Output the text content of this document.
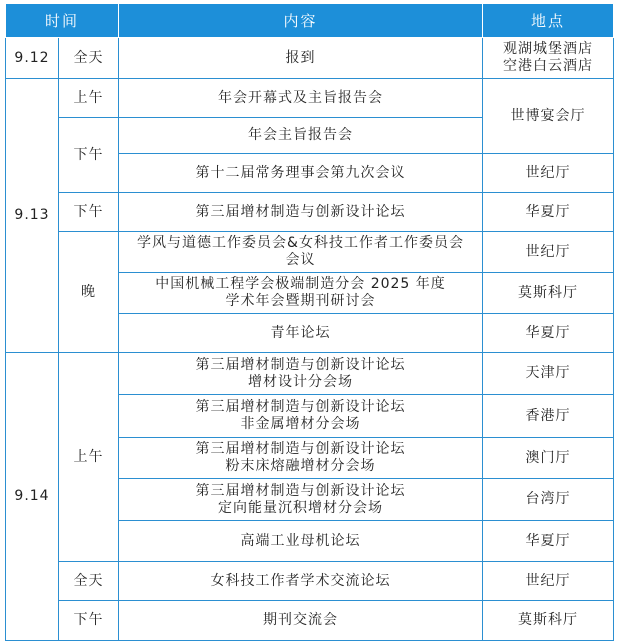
时间		内容	地点
9.12	全天	报到	观湖城堡酒店
空港白云酒店

9.13	上午	年会开幕式及主旨报告会	世博宴会厅
	下午	年会主旨报告会	
		第十二届常务理事会第九次会议	世纪厅
	下午	第三届增材制造与创新设计论坛	华夏厅
	晚	学风与道德工作委员会&女科技工作者工作委员会
会议	世纪厅

		中国机械工程学会极端制造分会 2025 年度
学术年会暨期刊研讨会	莫斯科厅
		青年论坛	华夏厅
9.14	上午	第三届增材制造与创新设计论坛
增材设计分会场	天津厅

		第三届增材制造与创新设计论坛
非金属增材分会场	香港厅

		第三届增材制造与创新设计论坛
粉末床熔融增材分会场	澳门厅

		第三届增材制造与创新设计论坛
定向能量沉积增材分会场	台湾厅
		高端工业母机论坛	华夏厅
	全天	女科技工作者学术交流论坛	世纪厅
	下午	期刊交流会	莫斯科厅
